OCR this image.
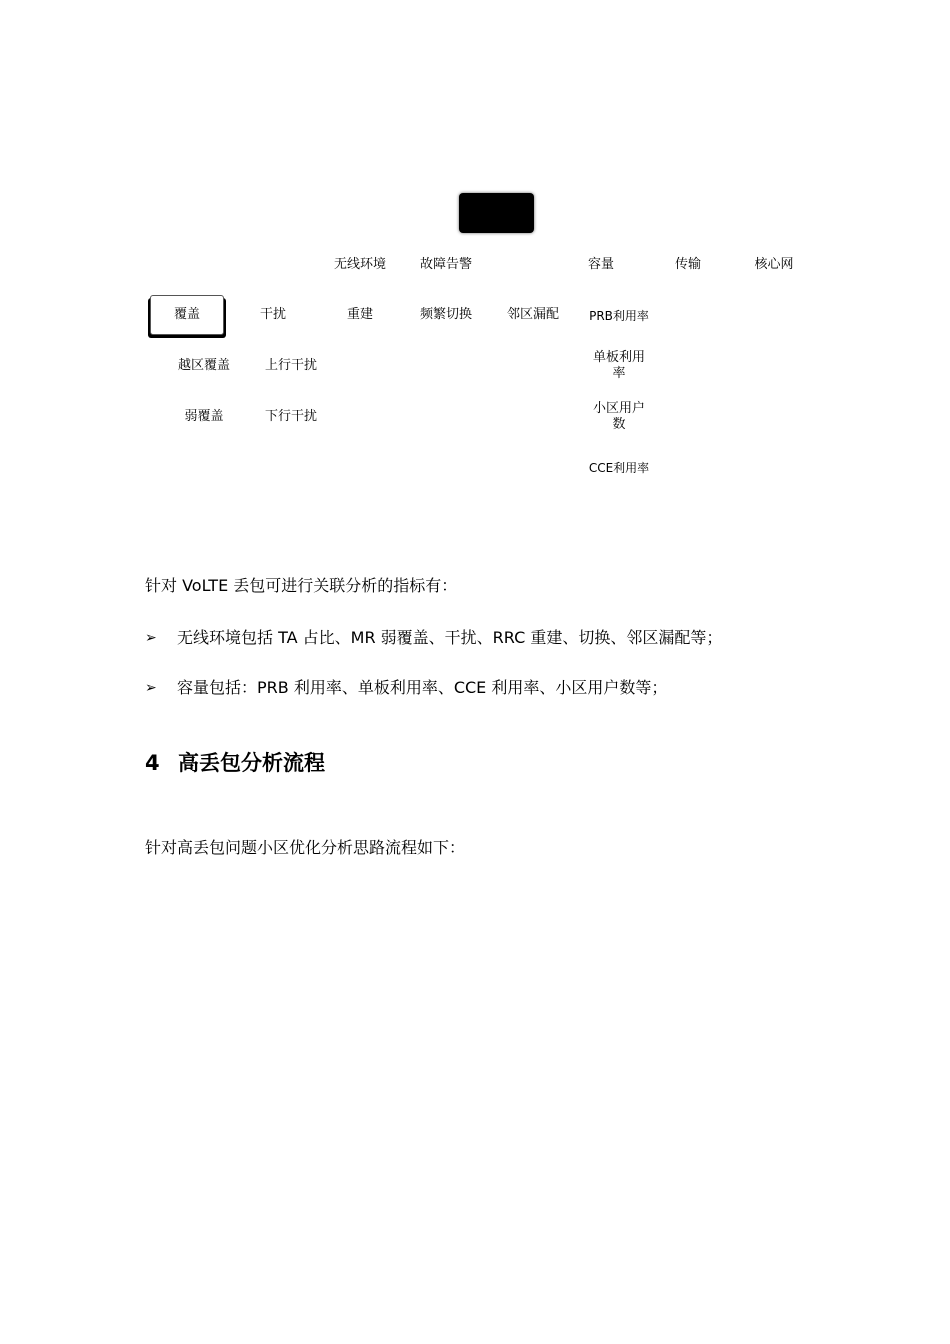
无线环境	故障告警	容量	传输	核心网
覆盖	干扰	重建	频繁切换	邻区漏配	PRB利用率
越区覆盖
弱覆盖
上行干扰
下行干扰
单板利用率
小区用户数
CCE利用率
针对 VoLTE 丢包可进行关联分析的指标有：
➢ 无线环境包括 TA 占比、MR 弱覆盖、干扰、RRC 重建、切换、邻区漏配等；
➢ 容量包括：PRB 利用率、单板利用率、CCE 利用率、小区用户数等；
4 高丢包分析流程
针对高丢包问题小区优化分析思路流程如下：
